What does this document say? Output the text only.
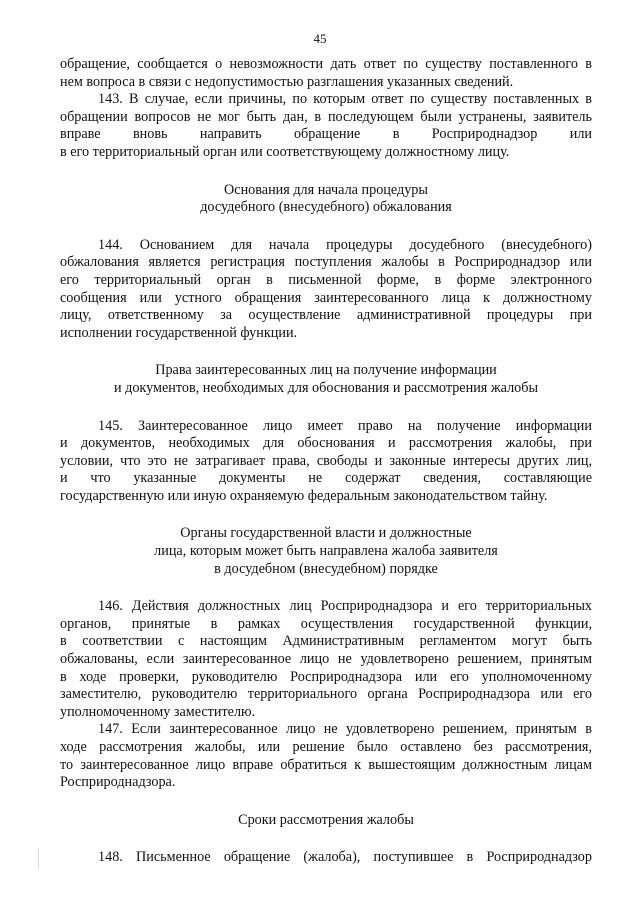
45

обращение, сообщается о невозможности дать ответ по существу поставленного в
нем вопроса в связи с недопустимостью разглашения указанных сведений.

143. В случае, если причины, по которым ответ по существу поставленных в
обращении вопросов не мог быть дан, в последующем были устранены, заявитель
вправе вновь направить обращение в Росприроднадзор или
в его территориальный орган или соответствующему должностному лицу.

Основания для начала процедуры
досудебного (внесудебного) обжалования

144. Основанием для начала процедуры досудебного (внесудебного)
обжалования является регистрация поступления жалобы в Росприроднадзор или
его территориальный орган в письменной форме, в форме электронного
сообщения или устного обращения заинтересованного лица к должностному
лицу, ответственному за осуществление административной процедуры при
исполнении государственной функции.

Права заинтересованных лиц на получение информации
и документов, необходимых для обоснования и рассмотрения жалобы

145. Заинтересованное лицо имеет право на получение информации
и документов, необходимых для обоснования и рассмотрения жалобы, при
условии, что это не затрагивает права, свободы и законные интересы других лиц,
и что указанные документы не содержат сведения, составляющие
государственную или иную охраняемую федеральным законодательством тайну.

Органы государственной власти и должностные
лица, которым может быть направлена жалоба заявителя
в досудебном (внесудебном) порядке

146. Действия должностных лиц Росприроднадзора и его территориальных
органов, принятые в рамках осуществления государственной функции,
в соответствии с настоящим Административным регламентом могут быть
обжалованы, если заинтересованное лицо не удовлетворено решением, принятым
в ходе проверки, руководителю Росприроднадзора или его уполномоченному
заместителю, руководителю территориального органа Росприроднадзора или его
уполномоченному заместителю.

147. Если заинтересованное лицо не удовлетворено решением, принятым в
ходе рассмотрения жалобы, или решение было оставлено без рассмотрения,
то заинтересованное лицо вправе обратиться к вышестоящим должностным лицам
Росприроднадзора.

Сроки рассмотрения жалобы

148. Письменное обращение (жалоба), поступившее в Росприроднадзор
